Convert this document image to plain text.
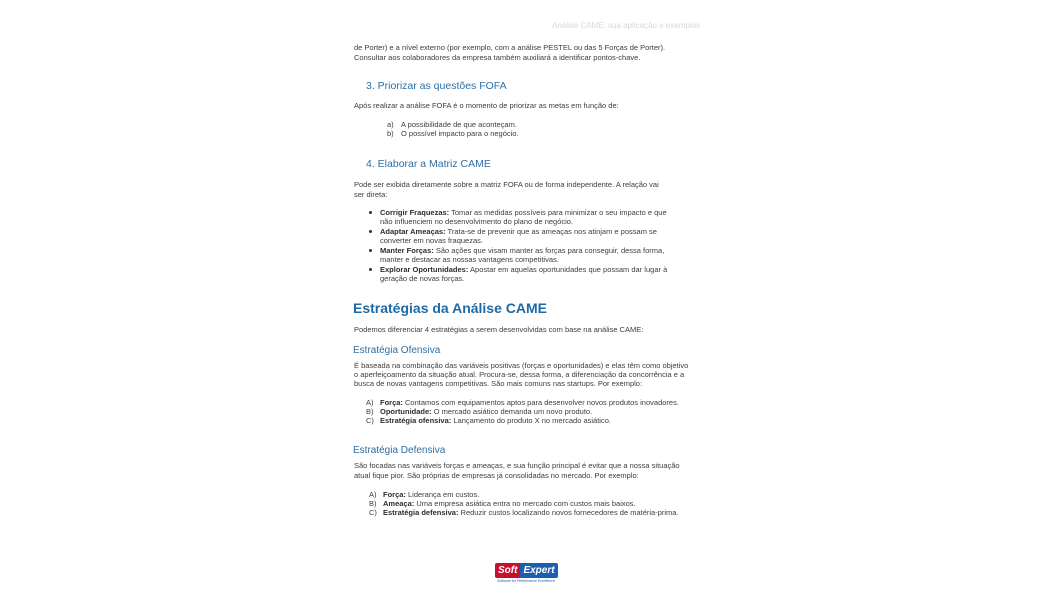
Análise CAME: sua aplicação e exemplos
de Porter) e a nível externo (por exemplo, com a análise PESTEL ou das 5 Forças de Porter).
Consultar aos colaboradores da empresa também auxiliará a identificar pontos-chave.
3. Priorizar as questões FOFA
Após realizar a análise FOFA é o momento de priorizar as metas em função de:
a) A possibilidade de que aconteçam.
b) O possível impacto para o negócio.
4. Elaborar a Matriz CAME
Pode ser exibida diretamente sobre a matriz FOFA ou de forma independente. A relação vai
ser direta:
Corrigir Fraquezas: Tomar as medidas possíveis para minimizar o seu impacto e que
não influenciem no desenvolvimento do plano de negócio.
Adaptar Ameaças: Trata-se de prevenir que as ameaças nos atinjam e possam se
converter em novas fraquezas.
Manter Forças: São ações que visam manter as forças para conseguir, dessa forma,
manter e destacar as nossas vantagens competitivas.
Explorar Oportunidades: Apostar em aquelas oportunidades que possam dar lugar à
geração de novas forças.
Estratégias da Análise CAME
Podemos diferenciar 4 estratégias a serem desenvolvidas com base na análise CAME:
Estratégia Ofensiva
É baseada na combinação das variáveis positivas (forças e oportunidades) e elas têm como objetivo
o aperfeiçoamento da situação atual. Procura-se, dessa forma, a diferenciação da concorrência e a
busca de novas vantagens competitivas. São mais comuns nas startups. Por exemplo:
A) Força: Contamos com equipamentos aptos para desenvolver novos produtos inovadores.
B) Oportunidade: O mercado asiático demanda um novo produto.
C) Estratégia ofensiva: Lançamento do produto X no mercado asiático.
Estratégia Defensiva
São focadas nas variáveis forças e ameaças, e sua função principal é evitar que a nossa situação
atual fique pior. São próprias de empresas já consolidadas no mercado. Por exemplo:
A) Força: Liderança em custos.
B) Ameaça: Uma empresa asiática entra no mercado com custos mais baixos.
C) Estratégia defensiva: Reduzir custos localizando novos fornecedores de matéria-prima.
Soft Expert
Software for Performance Excellence
